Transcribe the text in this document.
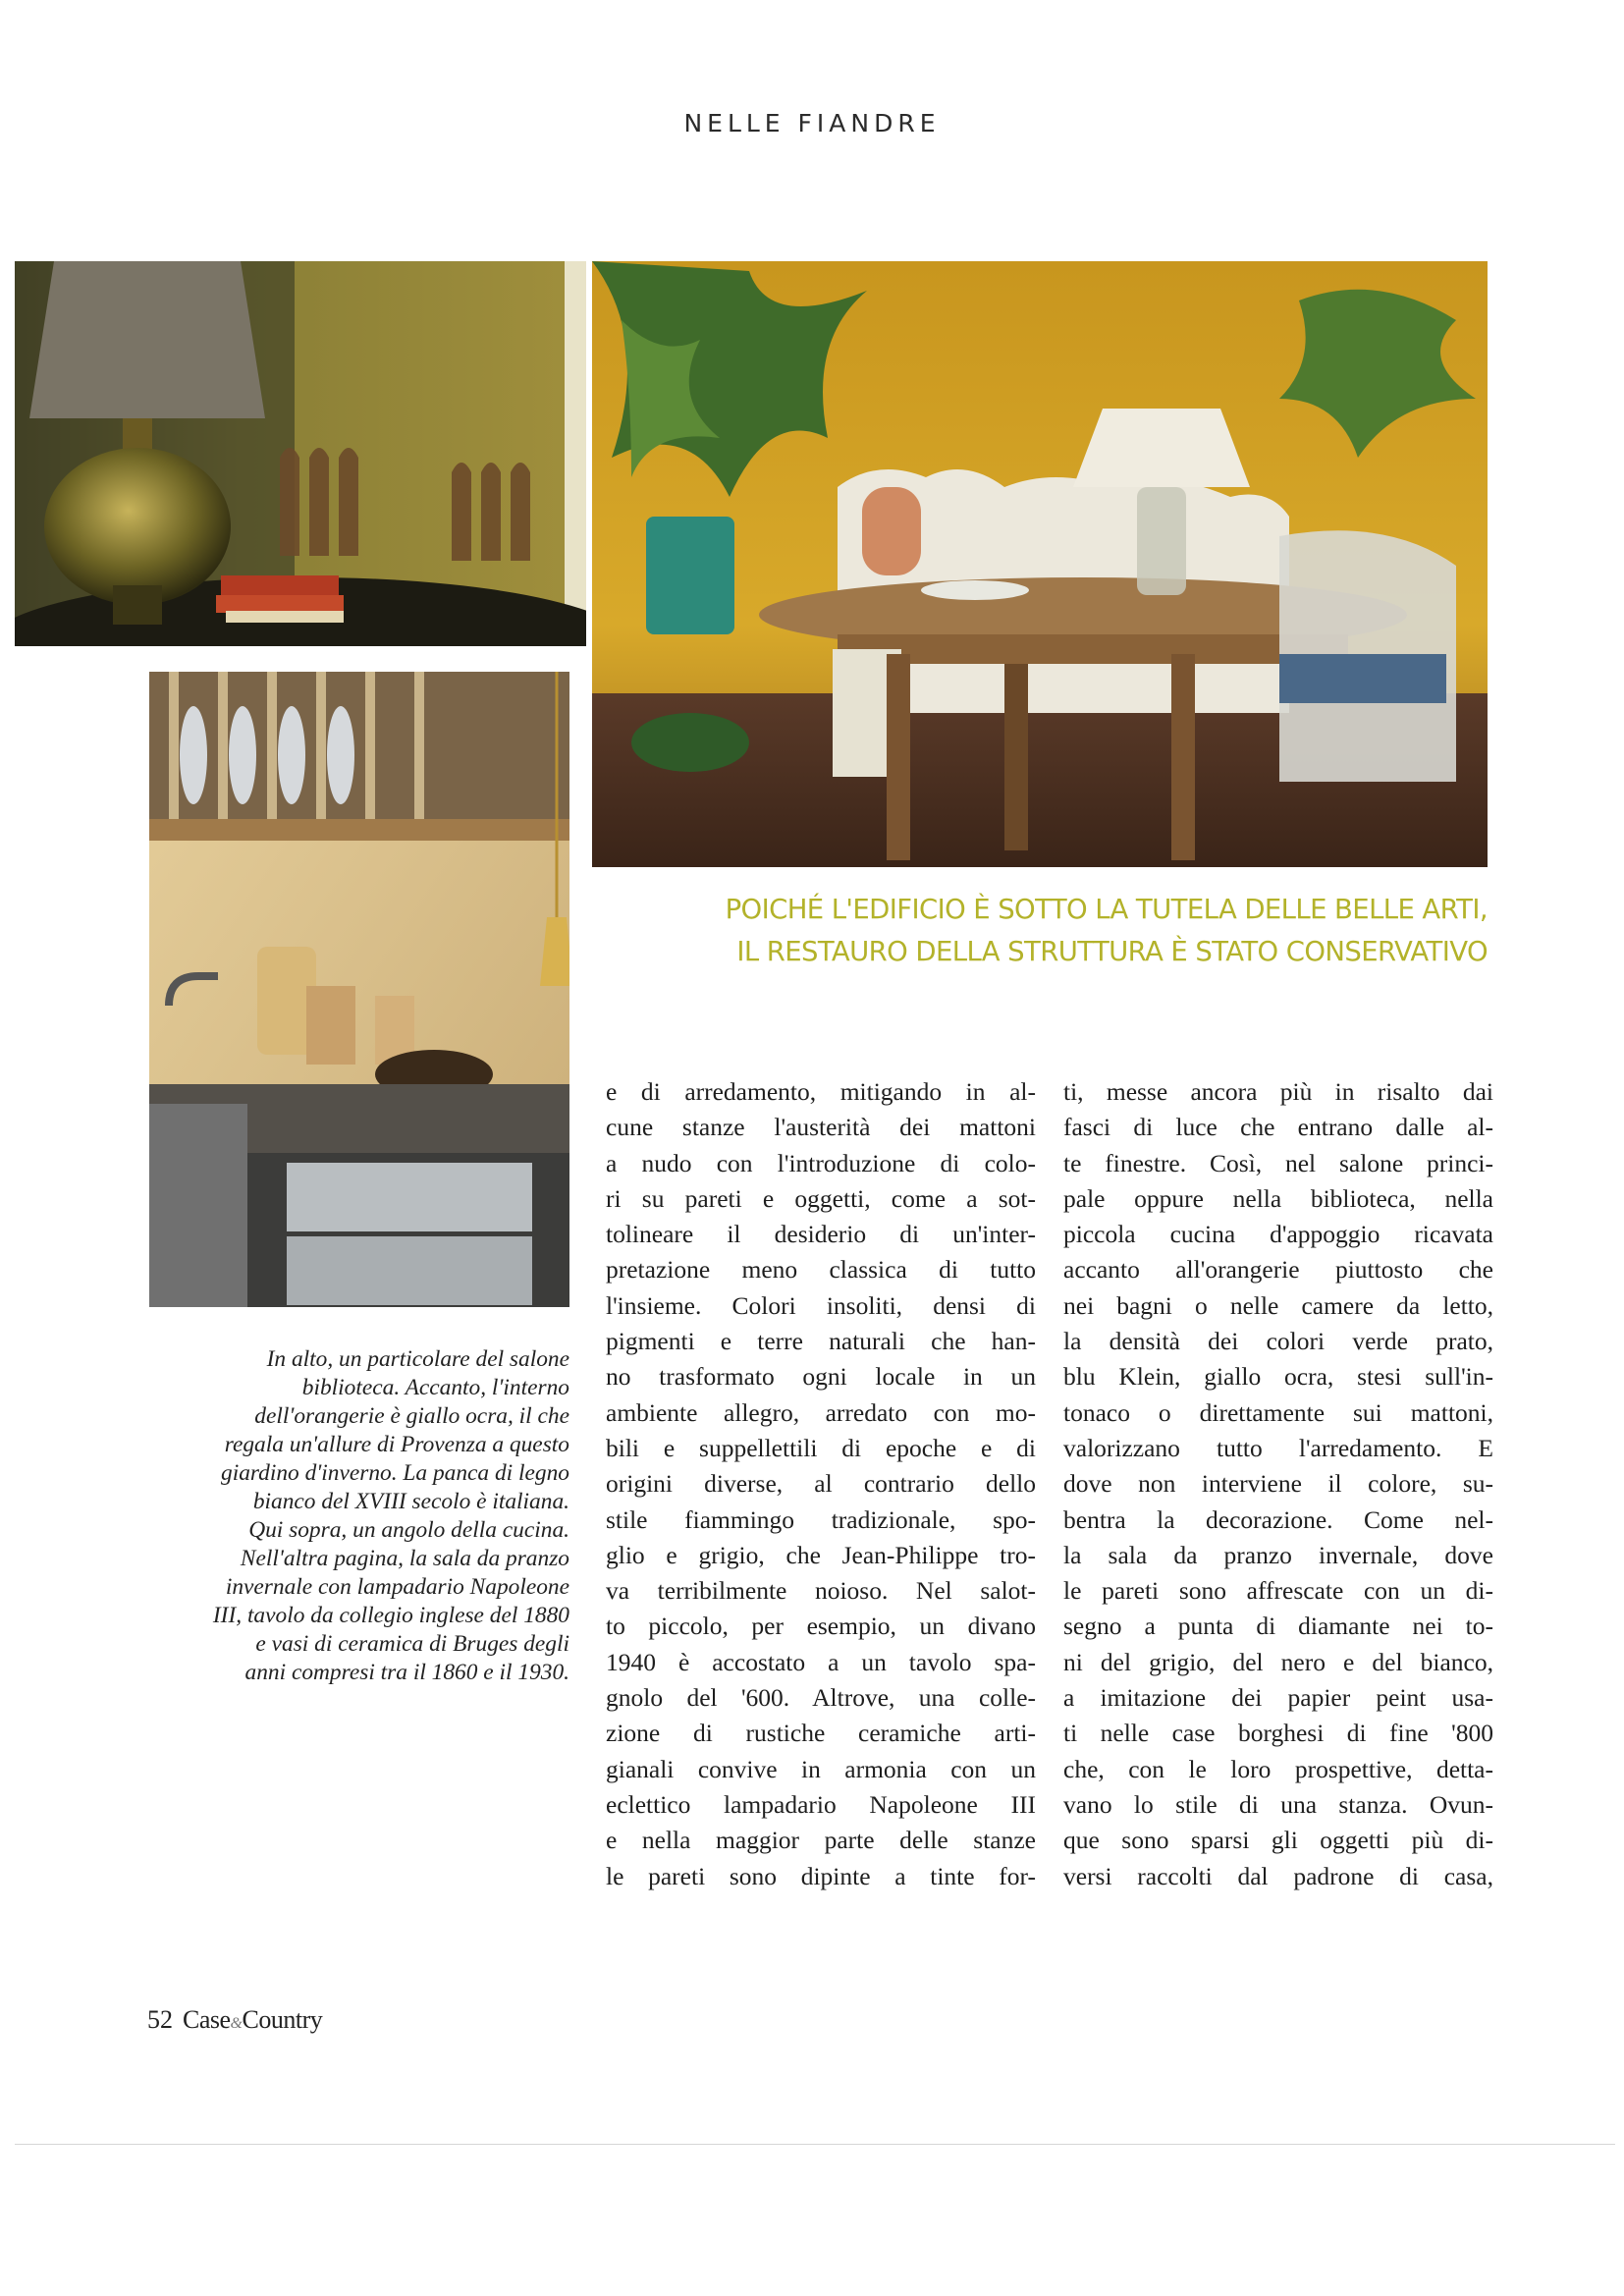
NELLE FIANDRE
POICHÉ L'EDIFICIO È SOTTO LA TUTELA DELLE BELLE ARTI,
IL RESTAURO DELLA STRUTTURA È STATO CONSERVATIVO
In alto, un particolare del salone
biblioteca. Accanto, l'interno
dell'orangerie è giallo ocra, il che
regala un'allure di Provenza a questo
giardino d'inverno. La panca di legno
bianco del XVIII secolo è italiana.
Qui sopra, un angolo della cucina.
Nell'altra pagina, la sala da pranzo
invernale con lampadario Napoleone
III, tavolo da collegio inglese del 1880
e vasi di ceramica di Bruges degli
anni compresi tra il 1860 e il 1930.
e di arredamento, mitigando in al-
cune stanze l'austerità dei mattoni
a nudo con l'introduzione di colo-
ri su pareti e oggetti, come a sot-
tolineare il desiderio di un'inter-
pretazione meno classica di tutto
l'insieme. Colori insoliti, densi di
pigmenti e terre naturali che han-
no trasformato ogni locale in un
ambiente allegro, arredato con mo-
bili e suppellettili di epoche e di
origini diverse, al contrario dello
stile fiammingo tradizionale, spo-
glio e grigio, che Jean-Philippe tro-
va terribilmente noioso. Nel salot-
to piccolo, per esempio, un divano
1940 è accostato a un tavolo spa-
gnolo del '600. Altrove, una colle-
zione di rustiche ceramiche arti-
gianali convive in armonia con un
eclettico lampadario Napoleone III
e nella maggior parte delle stanze
le pareti sono dipinte a tinte for-
ti, messe ancora più in risalto dai
fasci di luce che entrano dalle al-
te finestre. Così, nel salone princi-
pale oppure nella biblioteca, nella
piccola cucina d'appoggio ricavata
accanto all'orangerie piuttosto che
nei bagni o nelle camere da letto,
la densità dei colori verde prato,
blu Klein, giallo ocra, stesi sull'in-
tonaco o direttamente sui mattoni,
valorizzano tutto l'arredamento. E
dove non interviene il colore, su-
bentra la decorazione. Come nel-
la sala da pranzo invernale, dove
le pareti sono affrescate con un di-
segno a punta di diamante nei to-
ni del grigio, del nero e del bianco,
a imitazione dei papier peint usa-
ti nelle case borghesi di fine '800
che, con le loro prospettive, detta-
vano lo stile di una stanza. Ovun-
que sono sparsi gli oggetti più di-
versi raccolti dal padrone di casa,
52 Case&Country
